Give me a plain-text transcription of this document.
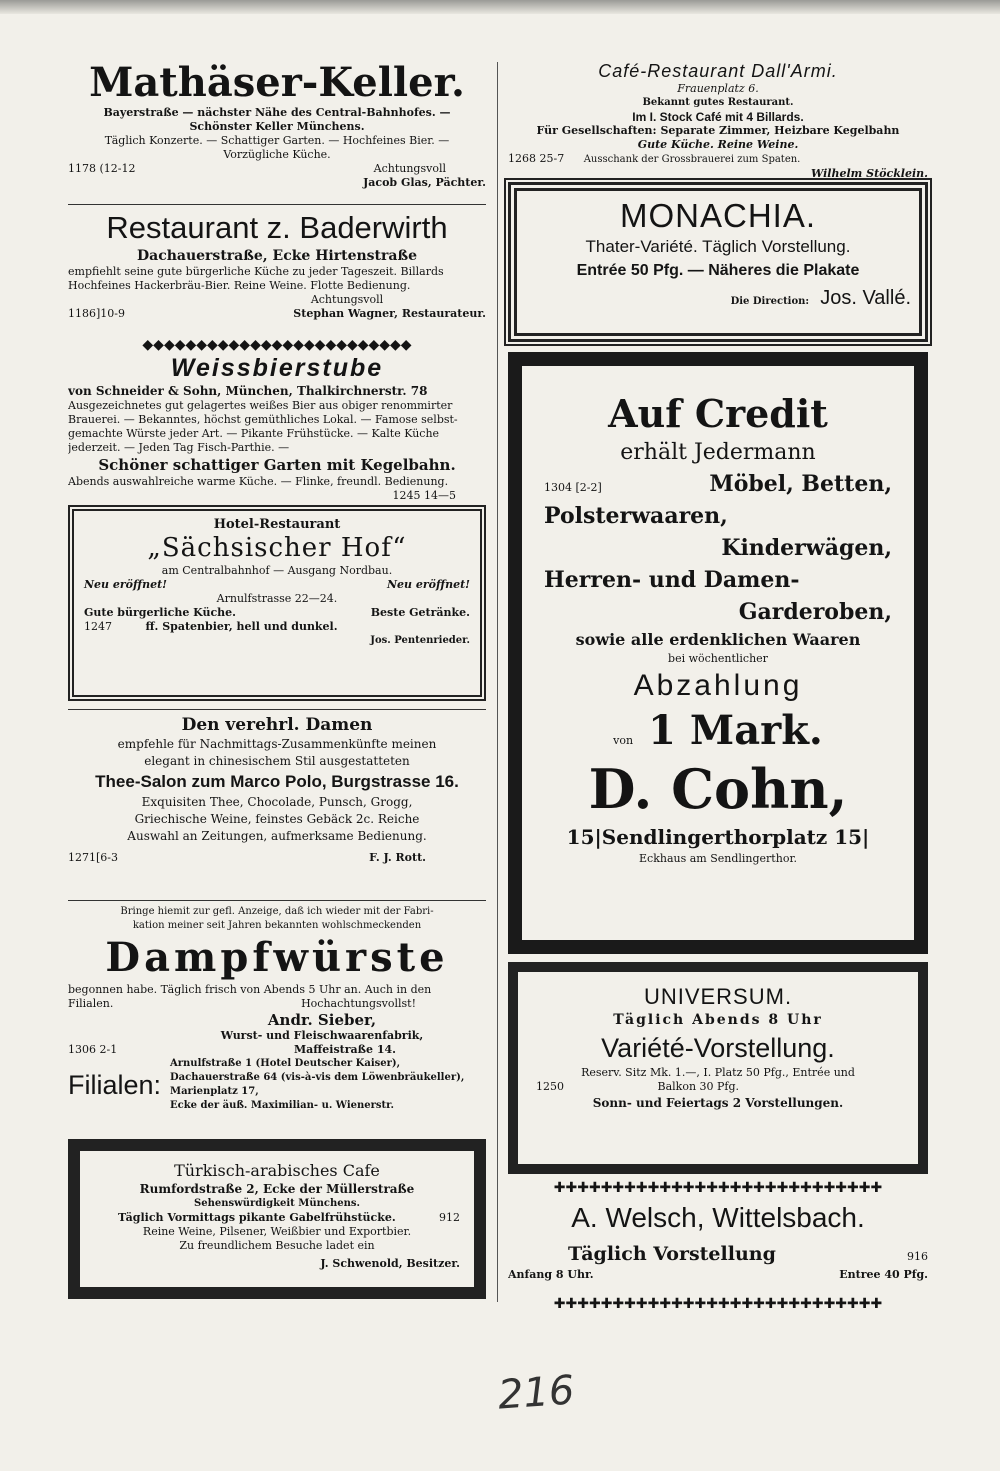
Mathäser-Keller.

Bayerstraße — nächster Nähe des Central-Bahnhofes. —

Schönster Keller Münchens.

Täglich Konzerte. — Schattiger Garten. — Hochfeines Bier. —

Vorzügliche Küche.

1178 (12-12	Achtungsvoll
Jacob Glas, Pächter.
Restaurant z. Baderwirth

Dachauerstraße, Ecke Hirtenstraße

empfiehlt seine gute bürgerliche Küche zu jeder Tageszeit. Billards

Hochfeines Hackerbräu-Bier. Reine Weine. Flotte Bedienung.

Achtungsvoll

1186]10-9	Stephan Wagner, Restaurateur.
◆◆◆◆◆◆◆◆◆◆◆◆◆◆◆◆◆◆◆◆◆◆◆◆◆
Weissbierstube

von Schneider & Sohn, München, Thalkirchnerstr. 78

Ausgezeichnetes gut gelagertes weißes Bier aus obiger renommirter

Brauerei. — Bekanntes, höchst gemüthliches Lokal. — Famose selbst-

gemachte Würste jeder Art. — Pikante Frühstücke. — Kalte Küche

jederzeit. — Jeden Tag Fisch-Parthie. —

Schöner schattiger Garten mit Kegelbahn.

Abends auswahlreiche warme Küche. — Flinke, freundl. Bedienung.

1245 14—5

Hotel-Restaurant
„Sächsischer Hof“

am Centralbahnhof — Ausgang Nordbau.

Neu eröffnet!	Neu eröffnet!

Arnulfstrasse 22—24.

Gute bürgerliche Küche.	Beste Getränke.
1247	ff. Spatenbier, hell und dunkel.
Jos. Pentenrieder.
Den verehrl. Damen

empfehle für Nachmittags-Zusammenkünfte meinen

elegant in chinesischem Stil ausgestatteten

Thee-Salon zum Marco Polo, Burgstrasse 16.

Exquisiten Thee, Chocolade, Punsch, Grogg,

Griechische Weine, feinstes Gebäck 2c. Reiche

Auswahl an Zeitungen, aufmerksame Bedienung.

1271[6-3	F. J. Rott.

Bringe hiemit zur gefl. Anzeige, daß ich wieder mit der Fabri-

kation meiner seit Jahren bekannten wohlschmeckenden

Dampfwürste

begonnen habe. Täglich frisch von Abends 5 Uhr an. Auch in den

Filialen.	Hochachtungsvollst!
Andr. Sieber,
Wurst- und Fleischwaarenfabrik,
1306 2-1	Maffeistraße 14.
Filialen:

Arnulfstraße 1 (Hotel Deutscher Kaiser),

Dachauerstraße 64 (vis-à-vis dem Löwenbräukeller),

Marienplatz 17,

Ecke der äuß. Maximilian- u. Wienerstr.

Türkisch-arabisches Cafe

Rumfordstraße 2, Ecke der Müllerstraße

Sehenswürdigkeit Münchens.

Täglich Vormittags pikante Gabelfrühstücke.	912

Reine Weine, Pilsener, Weißbier und Exportbier.

Zu freundlichem Besuche ladet ein

J. Schwenold, Besitzer.
Café-Restaurant Dall'Armi.

Frauenplatz 6.

Bekannt gutes Restaurant.

Im I. Stock Café mit 4 Billards.

Für Gesellschaften: Separate Zimmer, Heizbare Kegelbahn

Gute Küche. Reine Weine.

1268 25-7 Ausschank der Grossbrauerei zum Spaten.
Wilhelm Stöcklein.
MONACHIA.
Thater-Variété. Täglich Vorstellung.
Entrée 50 Pfg. — Näheres die Plakate
Die Direction: Jos. Vallé.
Auf Credit
erhält Jedermann
1304 [2-2]	Möbel, Betten,
Polsterwaaren,
Kinderwägen,
Herren- und Damen-
Garderoben,
sowie alle erdenklichen Waaren
bei wöchentlicher
Abzahlung
von 1 Mark.
D. Cohn,
15|Sendlingerthorplatz 15|
Eckhaus am Sendlingerthor.
UNIVERSUM.
Täglich Abends 8 Uhr
Variété-Vorstellung.

Reserv. Sitz Mk. 1.—, I. Platz 50 Pfg., Entrée und

1250	Balkon 30 Pfg.

Sonn- und Feiertags 2 Vorstellungen.

✚✚✚✚✚✚✚✚✚✚✚✚✚✚✚✚✚✚✚✚✚✚✚✚✚✚✚✚
A. Welsch, Wittelsbach.
Täglich Vorstellung	916
Anfang 8 Uhr.	Entree 40 Pfg.
✚✚✚✚✚✚✚✚✚✚✚✚✚✚✚✚✚✚✚✚✚✚✚✚✚✚✚✚
216
